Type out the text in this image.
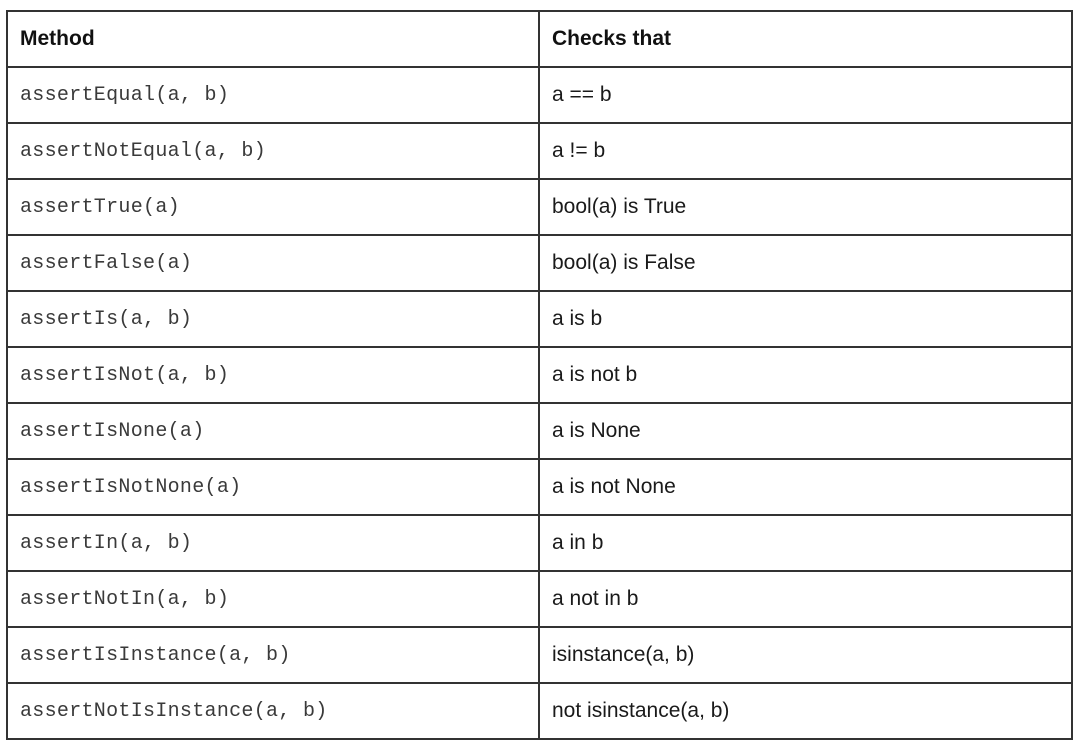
Method	Checks that
assertEqual(a, b)	a == b
assertNotEqual(a, b)	a != b
assertTrue(a)	bool(a) is True
assertFalse(a)	bool(a) is False
assertIs(a, b)	a is b
assertIsNot(a, b)	a is not b
assertIsNone(a)	a is None
assertIsNotNone(a)	a is not None
assertIn(a, b)	a in b
assertNotIn(a, b)	a not in b
assertIsInstance(a, b)	isinstance(a, b)
assertNotIsInstance(a, b)	not isinstance(a, b)
